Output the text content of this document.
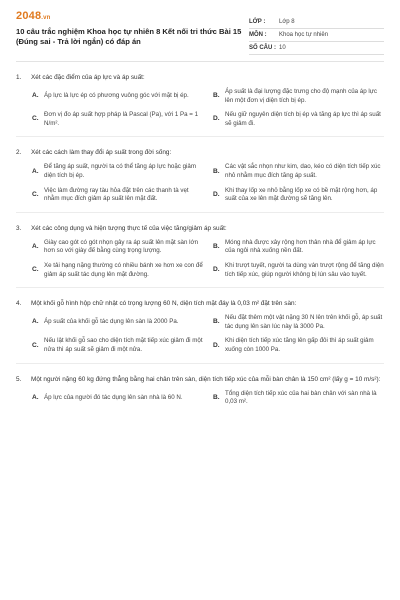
2048.vn
10 câu trắc nghiệm Khoa học tự nhiên 8 Kết nối tri thức Bài 15 (Đúng sai - Trả lời ngắn) có đáp án
LỚP :	Lớp 8
MÔN :	Khoa học tự nhiên
SỐ CÂU : 10
1.	Xét các đặc điểm của áp lực và áp suất:
A. Áp lực là lực ép có phương vuông góc với mặt bị ép.	B.
Áp suất là đại lượng đặc trưng cho độ mạnh của áp lực lên một đơn vị diện tích bị ép.
C.
Đơn vị đo áp suất hợp pháp là Pascal (Pa), với 1 Pa = 1 N/m².
D.
Nếu giữ nguyên diện tích bị ép và tăng áp lực thì áp suất sẽ giảm đi.
2.	Xét các cách làm thay đổi áp suất trong đời sống:
A.
Để tăng áp suất, người ta có thể tăng áp lực hoặc giảm diện tích bị ép.
B.
Các vật sắc nhọn như kim, dao, kéo có diện tích tiếp xúc nhỏ nhằm mục đích tăng áp suất.
C.
Việc làm đường ray tàu hỏa đặt trên các thanh tà vẹt nhằm mục đích giảm áp suất lên mặt đất.
D.
Khi thay lốp xe nhỏ bằng lốp xe có bề mặt rộng hơn, áp suất của xe lên mặt đường sẽ tăng lên.
3.	Xét các công dụng và hiện tượng thực tế của việc tăng/giảm áp suất:
A.
Giày cao gót có gót nhọn gây ra áp suất lên mặt sàn lớn hơn so với giày đế bằng cùng trọng lượng.
B.
Móng nhà được xây rộng hơn thân nhà để giảm áp lực của ngôi nhà xuống nền đất.
C.
Xe tải hạng nặng thường có nhiều bánh xe hơn xe con để giảm áp suất tác dụng lên mặt đường.
D.
Khi trượt tuyết, người ta dùng ván trượt rộng để tăng diện tích tiếp xúc, giúp người không bị lún sâu vào tuyết.
4.	Một khối gỗ hình hộp chữ nhật có trọng lượng 60 N, diện tích mặt đáy là 0,03 m² đặt trên sàn:
A. Áp suất của khối gỗ tác dụng lên sàn là 2000 Pa.	B.
Nếu đặt thêm một vật nặng 30 N lên trên khối gỗ, áp suất tác dụng lên sàn lúc này là 3000 Pa.
C.
Nếu lật khối gỗ sao cho diện tích mặt tiếp xúc giảm đi một nửa thì áp suất sẽ giảm đi một nửa.
D.
Khi diện tích tiếp xúc tăng lên gấp đôi thì áp suất giảm xuống còn 1000 Pa.
5.	Một người nặng 60 kg đứng thẳng bằng hai chân trên sàn, diện tích tiếp xúc của mỗi bàn chân là 150 cm² (lấy g = 10 m/s²):
A. Áp lực của người đó tác dụng lên sàn nhà là 60 N.	B.
Tổng diện tích tiếp xúc của hai bàn chân với sàn nhà là 0,03 m².
